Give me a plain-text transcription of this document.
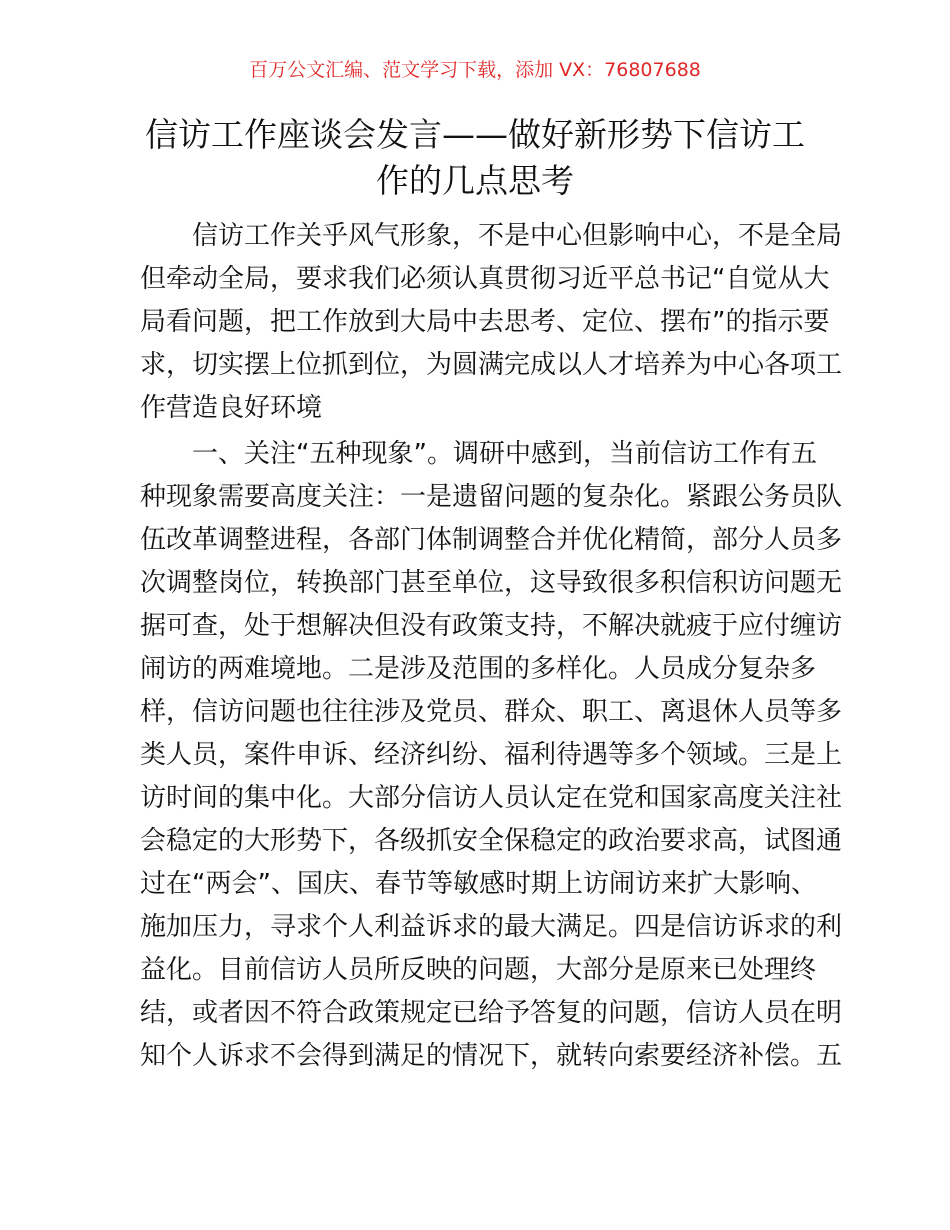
百万公文汇编、范文学习下载，添加 VX：76807688
信访工作座谈会发言——做好新形势下信访工
作的几点思考
信访工作关乎风气形象，不是中心但影响中心，不是全局
但牵动全局，要求我们必须认真贯彻习近平总书记“自觉从大
局看问题，把工作放到大局中去思考、定位、摆布”的指示要
求，切实摆上位抓到位，为圆满完成以人才培养为中心各项工
作营造良好环境
一、关注“五种现象”。调研中感到，当前信访工作有五
种现象需要高度关注：一是遗留问题的复杂化。紧跟公务员队
伍改革调整进程，各部门体制调整合并优化精简，部分人员多
次调整岗位，转换部门甚至单位，这导致很多积信积访问题无
据可查，处于想解决但没有政策支持，不解决就疲于应付缠访
闹访的两难境地。二是涉及范围的多样化。人员成分复杂多
样，信访问题也往往涉及党员、群众、职工、离退休人员等多
类人员，案件申诉、经济纠纷、福利待遇等多个领域。三是上
访时间的集中化。大部分信访人员认定在党和国家高度关注社
会稳定的大形势下，各级抓安全保稳定的政治要求高，试图通
过在“两会”、国庆、春节等敏感时期上访闹访来扩大影响、
施加压力，寻求个人利益诉求的最大满足。四是信访诉求的利
益化。目前信访人员所反映的问题，大部分是原来已处理终
结，或者因不符合政策规定已给予答复的问题，信访人员在明
知个人诉求不会得到满足的情况下，就转向索要经济补偿。五
